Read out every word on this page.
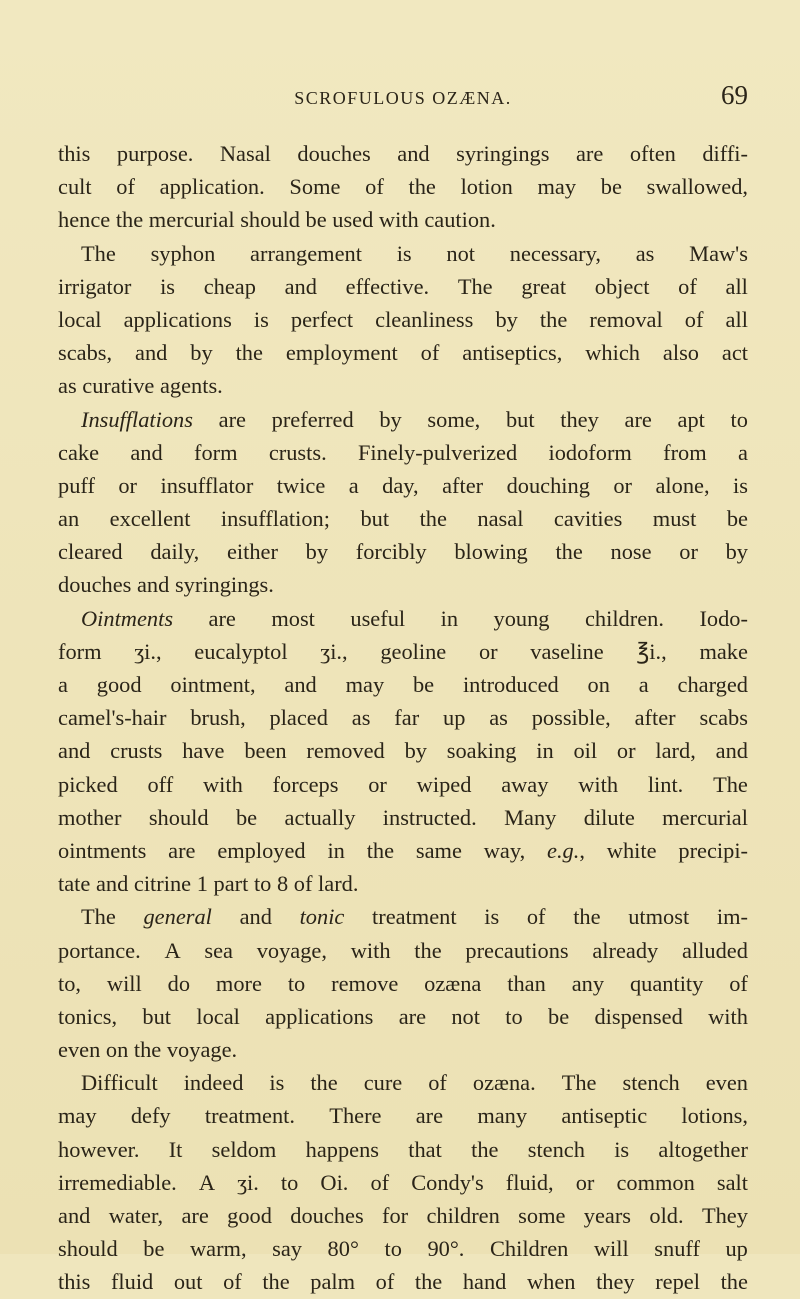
SCROFULOUS OZÆNA.	69
this purpose. Nasal douches and syringings are often diffi-
cult of application. Some of the lotion may be swallowed,
hence
the
mercurial
should
be
used
with
caution.

The syphon arrangement is not necessary, as Maw's
irrigator is cheap and effective. The great object of all
local applications is perfect cleanliness by the removal of all
scabs, and by the employment of antiseptics, which also act
as
curative
agents.

Insufflations are preferred by some, but they are apt to
cake and form crusts. Finely-pulverized iodoform from a
puff or insufflator twice a day, after douching or alone, is
an excellent insufflation; but the nasal cavities must be
cleared daily, either by forcibly blowing the nose or by
douches
and
syringings.

Ointments are most useful in young children. Iodo-
form ʒi., eucalyptol ʒi., geoline or vaseline ℥i., make
a good ointment, and may be introduced on a charged
camel's-hair brush, placed as far up as possible, after scabs
and crusts have been removed by soaking in oil or lard, and
picked off with forceps or wiped away with lint. The
mother should be actually instructed. Many dilute mercurial
ointments are employed in the same way, e.g., white precipi-
tate
and
citrine
1
part
to
8
of
lard.

The general and tonic treatment is of the utmost im-
portance. A sea voyage, with the precautions already alluded
to, will do more to remove ozæna than any quantity of
tonics, but local applications are not to be dispensed with
even
on
the
voyage.

Difficult indeed is the cure of ozæna. The stench even
may defy treatment. There are many antiseptic lotions,
however. It seldom happens that the stench is altogether
irremediable. A ʒi. to Oi. of Condy's fluid, or common salt
and water, are good douches for children some years old. They
should be warm, say 80° to 90°. Children will snuff up
this fluid out of the palm of the hand when they repel the
